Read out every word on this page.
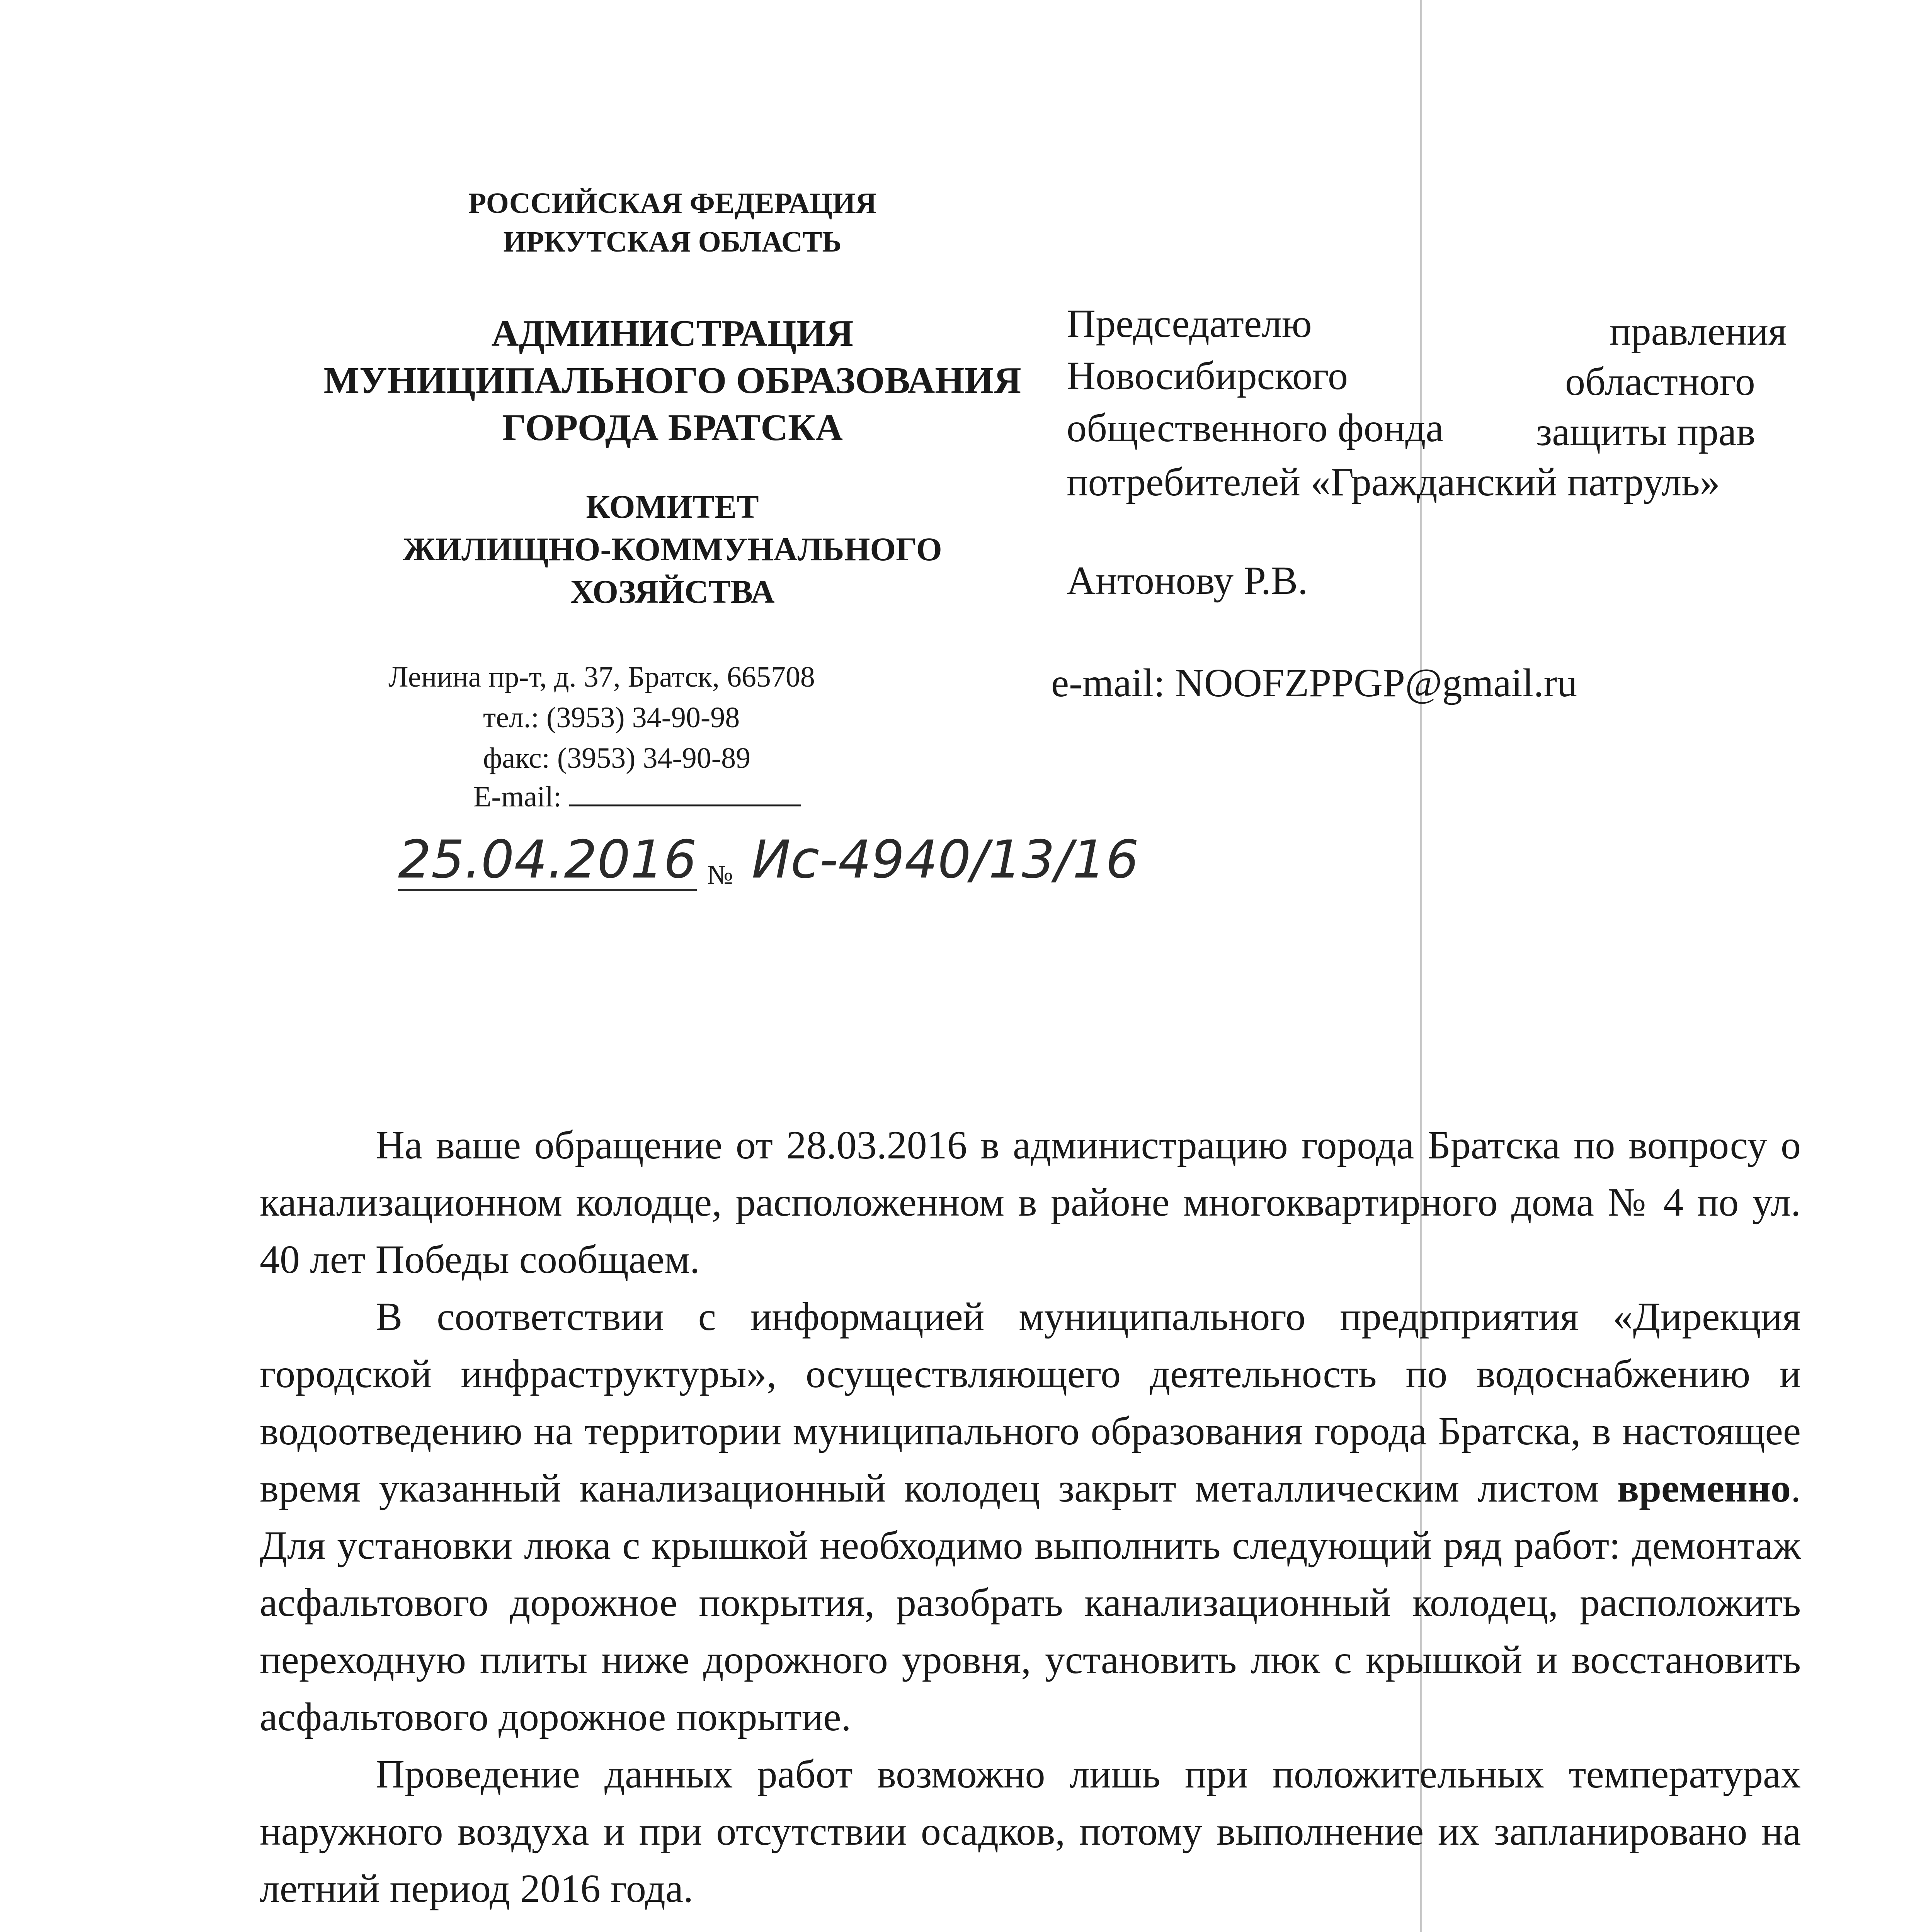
РОССИЙСКАЯ ФЕДЕРАЦИЯ
ИРКУТСКАЯ ОБЛАСТЬ
АДМИНИСТРАЦИЯ
МУНИЦИПАЛЬНОГО ОБРАЗОВАНИЯ
ГОРОДА БРАТСКА
КОМИТЕТ
ЖИЛИЩНО-КОММУНАЛЬНОГО
ХОЗЯЙСТВА
Ленина пр-т, д. 37, Братск, 665708
тел.: (3953) 34-90-98
факс: (3953) 34-90-89
E-mail:
25.04.2016 № Ис-4940/13/16
Председателю	правления
Новосибирского	областного
общественного фонда защиты прав
потребителей «Гражданский патруль»
Антонову Р.В.
e-mail: NOOFZPPGP@gmail.ru

На ваше обращение от 28.03.2016 в администрацию города Братска по вопросу о канализационном колодце, расположенном в районе многоквартирного дома № 4 по ул. 40 лет Победы сообщаем.

В соответствии с информацией муниципального предрприятия «Дирекция городской инфраструктуры», осуществляющего деятельность по водоснабжению и водоотведению на территории муниципального образования города Братска, в настоящее время указанный канализационный колодец закрыт металлическим листом временно. Для установки люка с крышкой необходимо выполнить следующий ряд работ: демонтаж асфальтового дорожное покрытия, разобрать канализационный колодец, расположить переходную плиты ниже дорожного уровня, установить люк с крышкой и восстановить асфальтового дорожное покрытие.

Проведение данных работ возможно лишь при положительных температурах наружного воздуха и при отсутствии осадков, потому выполнение их запланировано на летний период 2016 года.
